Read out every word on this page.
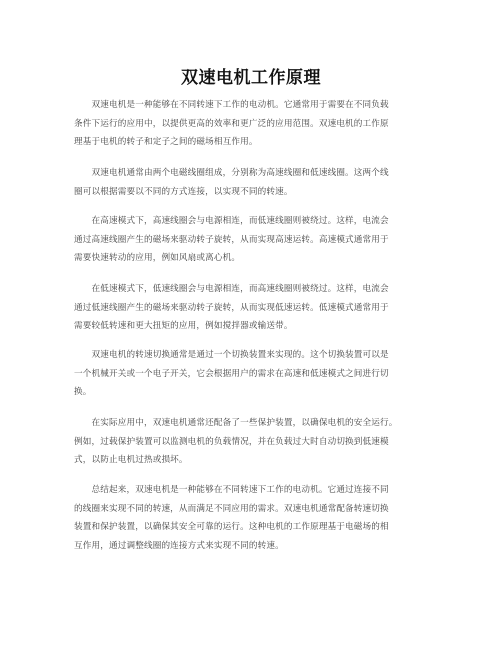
双速电机工作原理
　　双速电机是一种能够在不同转速下工作的电动机。它通常用于需要在不同负载
条件下运行的应用中，以提供更高的效率和更广泛的应用范围。双速电机的工作原
理基于电机的转子和定子之间的磁场相互作用。
　　双速电机通常由两个电磁线圈组成，分别称为高速线圈和低速线圈。这两个线
圈可以根据需要以不同的方式连接，以实现不同的转速。
　　在高速模式下，高速线圈会与电源相连，而低速线圈则被绕过。这样，电流会
通过高速线圈产生的磁场来驱动转子旋转，从而实现高速运转。高速模式通常用于
需要快速转动的应用，例如风扇或离心机。
　　在低速模式下，低速线圈会与电源相连，而高速线圈则被绕过。这样，电流会
通过低速线圈产生的磁场来驱动转子旋转，从而实现低速运转。低速模式通常用于
需要较低转速和更大扭矩的应用，例如搅拌器或输送带。
　　双速电机的转速切换通常是通过一个切换装置来实现的。这个切换装置可以是
一个机械开关或一个电子开关，它会根据用户的需求在高速和低速模式之间进行切
换。
　　在实际应用中，双速电机通常还配备了一些保护装置，以确保电机的安全运行。
例如，过载保护装置可以监测电机的负载情况，并在负载过大时自动切换到低速模
式，以防止电机过热或损坏。
　　总结起来，双速电机是一种能够在不同转速下工作的电动机。它通过连接不同
的线圈来实现不同的转速，从而满足不同应用的需求。双速电机通常配备转速切换
装置和保护装置，以确保其安全可靠的运行。这种电机的工作原理基于电磁场的相
互作用，通过调整线圈的连接方式来实现不同的转速。
